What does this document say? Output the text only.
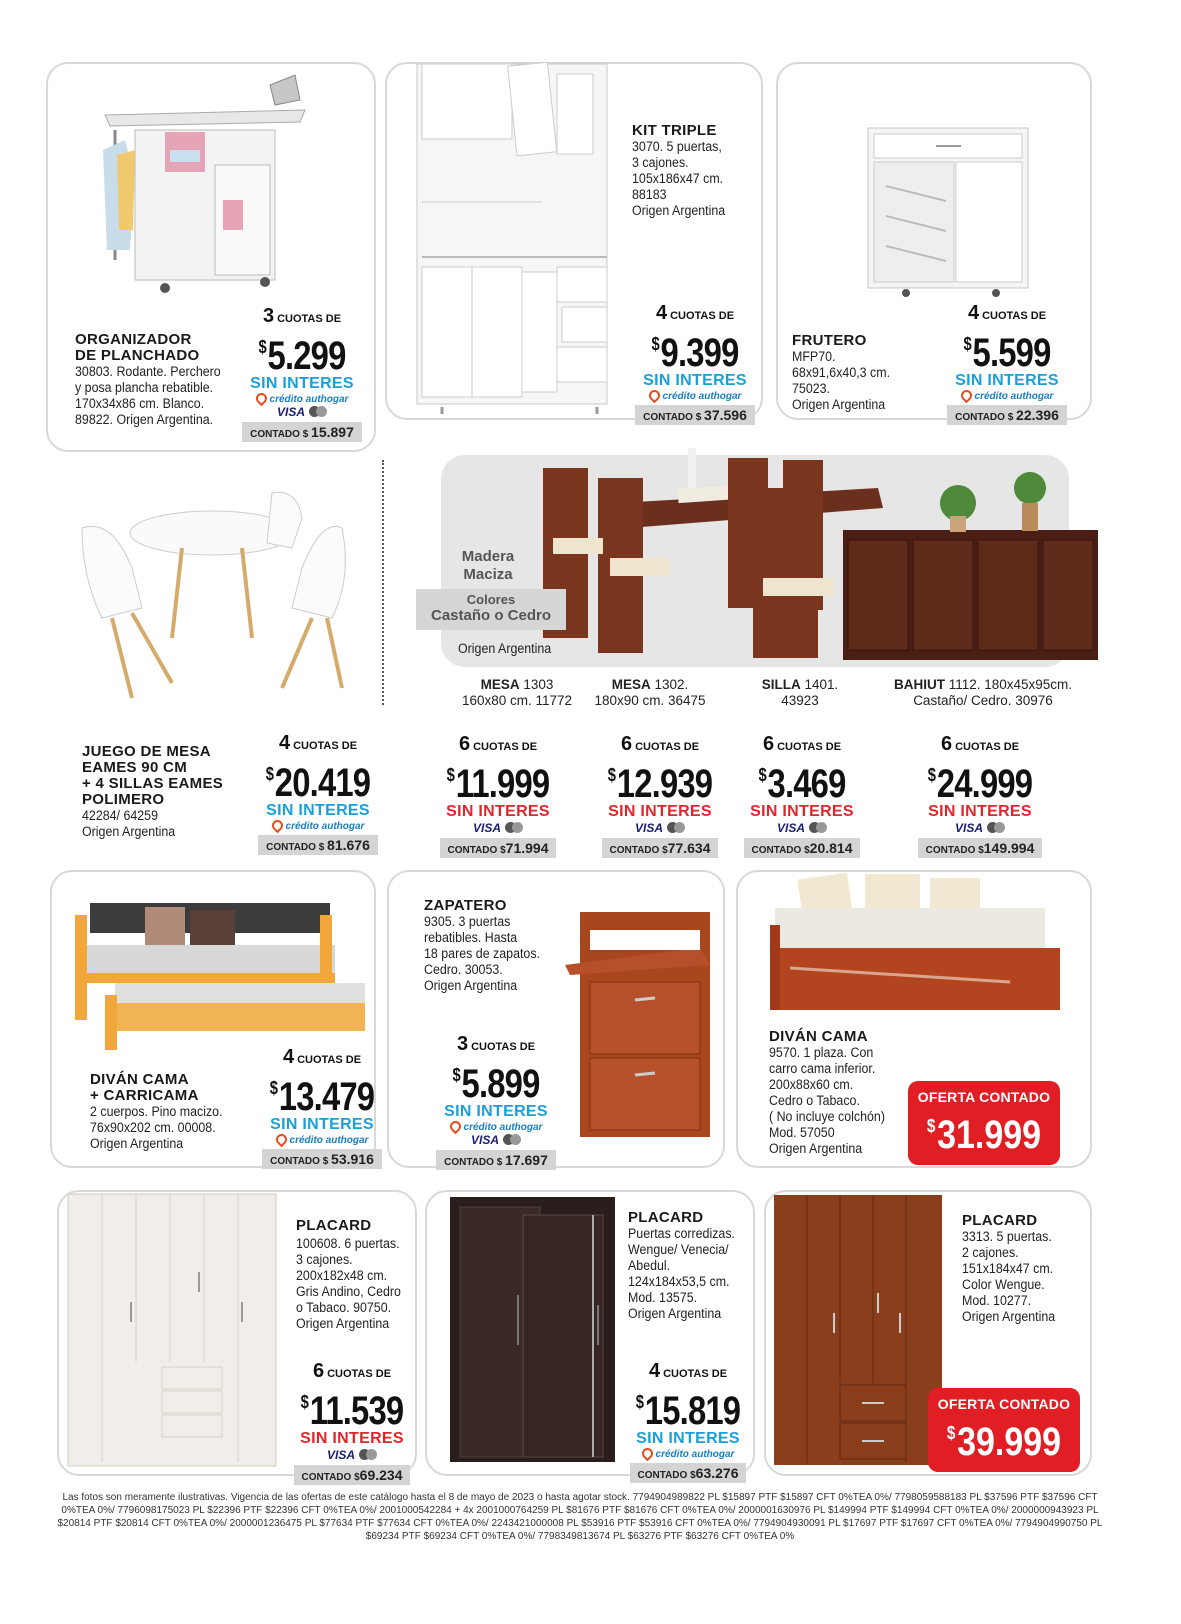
ORGANIZADOR
DE PLANCHADO
30803. Rodante. Perchero
y posa plancha rebatible.
170x34x86 cm. Blanco.
89822. Origen Argentina.
3 CUOTAS DE
$5.299
SIN INTERES
crédito authogar
VISA
CONTADO $ 15.897
KIT TRIPLE
3070. 5 puertas,
3 cajones.
105x186x47 cm.
88183
Origen Argentina
4 CUOTAS DE
$9.399
SIN INTERES
crédito authogar
CONTADO $ 37.596
FRUTERO
MFP70.
68x91,6x40,3 cm.
75023.
Origen Argentina
4 CUOTAS DE
$5.599
SIN INTERES
crédito authogar
CONTADO $ 22.396
JUEGO DE MESA
EAMES 90 CM
+ 4 SILLAS EAMES
POLIMERO
42284/ 64259
Origen Argentina
4 CUOTAS DE
$20.419
SIN INTERES
crédito authogar
CONTADO $ 81.676
Madera
Maciza
Colores
Castaño o Cedro
Origen Argentina
MESA 1303
160x80 cm. 11772
MESA 1302.
180x90 cm. 36475
SILLA 1401.
43923
BAHIUT 1112. 180x45x95cm.
Castaño/ Cedro. 30976
6 CUOTAS DE
$11.999
SIN INTERES
VISA
CONTADO $71.994
6 CUOTAS DE
$12.939
SIN INTERES
VISA
CONTADO $77.634
6 CUOTAS DE
$3.469
SIN INTERES
VISA
CONTADO $20.814
6 CUOTAS DE
$24.999
SIN INTERES
VISA
CONTADO $149.994
DIVÁN CAMA
+ CARRICAMA
2 cuerpos. Pino macizo.
76x90x202 cm. 00008.
Origen Argentina
4 CUOTAS DE
$13.479
SIN INTERES
crédito authogar
CONTADO $ 53.916
ZAPATERO
9305. 3 puertas
rebatibles. Hasta
18 pares de zapatos.
Cedro. 30053.
Origen Argentina
3 CUOTAS DE
$5.899
SIN INTERES
crédito authogar
VISA
CONTADO $ 17.697
DIVÁN CAMA
9570. 1 plaza. Con
carro cama inferior.
200x88x60 cm.
Cedro o Tabaco.
( No incluye colchón)
Mod. 57050
Origen Argentina
OFERTA CONTADO
$31.999
PLACARD
100608. 6 puertas.
3 cajones.
200x182x48 cm.
Gris Andino, Cedro
o Tabaco. 90750.
Origen Argentina
6 CUOTAS DE
$11.539
SIN INTERES
VISA
CONTADO $69.234
PLACARD
Puertas corredizas.
Wengue/ Venecia/
Abedul.
124x184x53,5 cm.
Mod. 13575.
Origen Argentina
4 CUOTAS DE
$15.819
SIN INTERES
crédito authogar
CONTADO $63.276
PLACARD
3313. 5 puertas.
2 cajones.
151x184x47 cm.
Color Wengue.
Mod. 10277.
Origen Argentina
OFERTA CONTADO
$39.999
Las fotos son meramente ilustrativas. Vigencia de las ofertas de este catálogo hasta el 8 de mayo de 2023 o hasta agotar stock. 7794904989822 PL $15897 PTF $15897 CFT 0%TEA 0%/ 7798059588183 PL $37596 PTF $37596 CFT 0%TEA 0%/ 7796098175023 PL $22396 PTF $22396 CFT 0%TEA 0%/ 2001000542284 + 4x 2001000764259 PL $81676 PTF $81676 CFT 0%TEA 0%/ 2000001630976 PL $149994 PTF $149994 CFT 0%TEA 0%/ 2000000943923 PL $20814 PTF $20814 CFT 0%TEA 0%/ 2000001236475 PL $77634 PTF $77634 CFT 0%TEA 0%/ 2243421000008 PL $53916 PTF $53916 CFT 0%TEA 0%/ 7794904930091 PL $17697 PTF $17697 CFT 0%TEA 0%/ 7794904990750 PL $69234 PTF $69234 CFT 0%TEA 0%/ 7798349813674 PL $63276 PTF $63276 CFT 0%TEA 0%
